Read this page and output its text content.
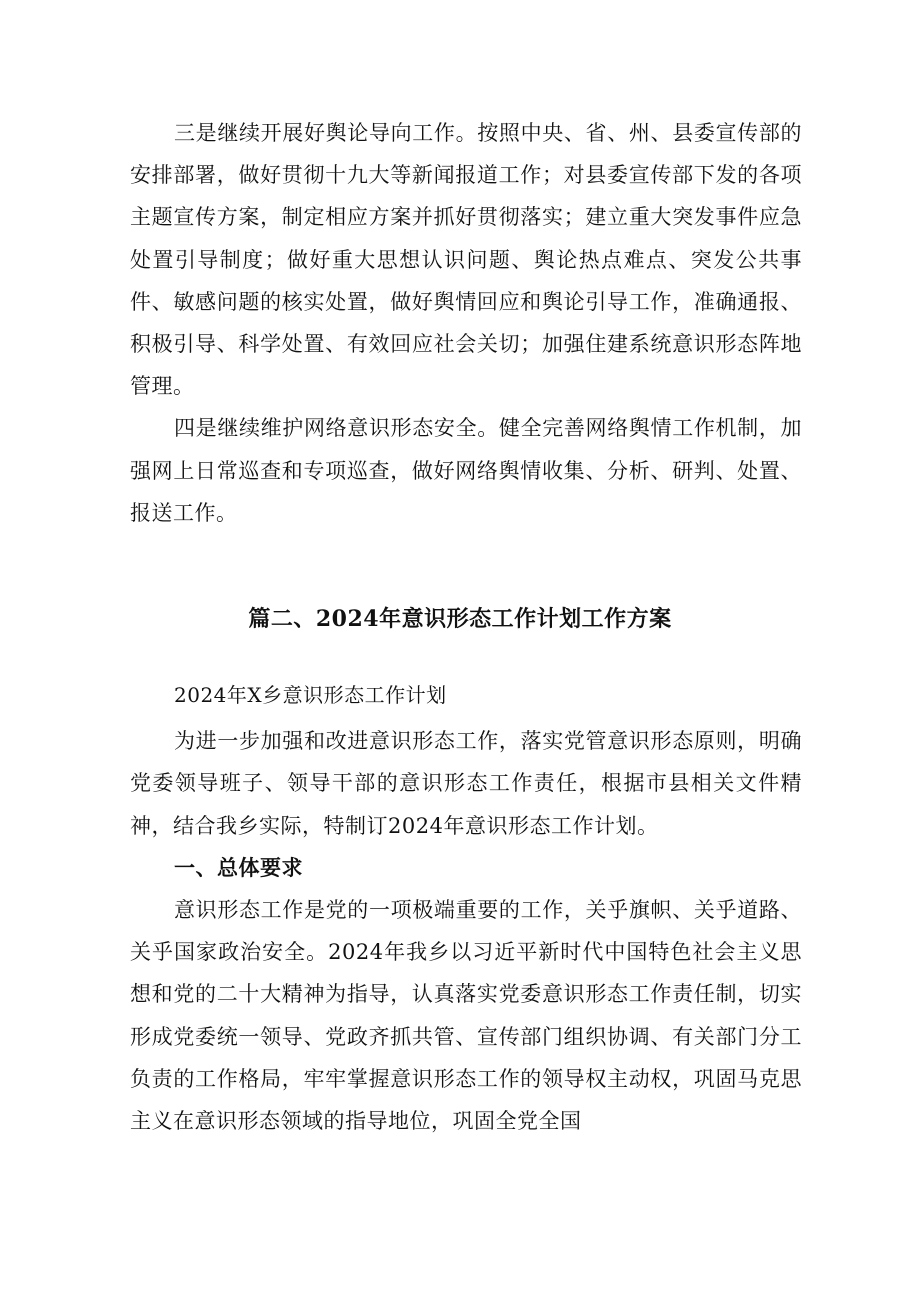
三是继续开展好舆论导向工作。按照中央、省、州、县委宣传部的安排部署，做好贯彻十九大等新闻报道工作；对县委宣传部下发的各项主题宣传方案，制定相应方案并抓好贯彻落实；建立重大突发事件应急处置引导制度；做好重大思想认识问题、舆论热点难点、突发公共事件、敏感问题的核实处置，做好舆情回应和舆论引导工作，准确通报、积极引导、科学处置、有效回应社会关切；加强住建系统意识形态阵地管理。

四是继续维护网络意识形态安全。健全完善网络舆情工作机制，加强网上日常巡查和专项巡查，做好网络舆情收集、分析、研判、处置、报送工作。

篇二、2024年意识形态工作计划工作方案

2024年X乡意识形态工作计划

为进一步加强和改进意识形态工作，落实党管意识形态原则，明确党委领导班子、领导干部的意识形态工作责任，根据市县相关文件精神，结合我乡实际，特制订2024年意识形态工作计划。

一、总体要求

意识形态工作是党的一项极端重要的工作，关乎旗帜、关乎道路、关乎国家政治安全。2024年我乡以习近平新时代中国特色社会主义思想和党的二十大精神为指导，认真落实党委意识形态工作责任制，切实形成党委统一领导、党政齐抓共管、宣传部门组织协调、有关部门分工负责的工作格局，牢牢掌握意识形态工作的领导权主动权，巩固马克思主义在意识形态领域的指导地位，巩固全党全国
